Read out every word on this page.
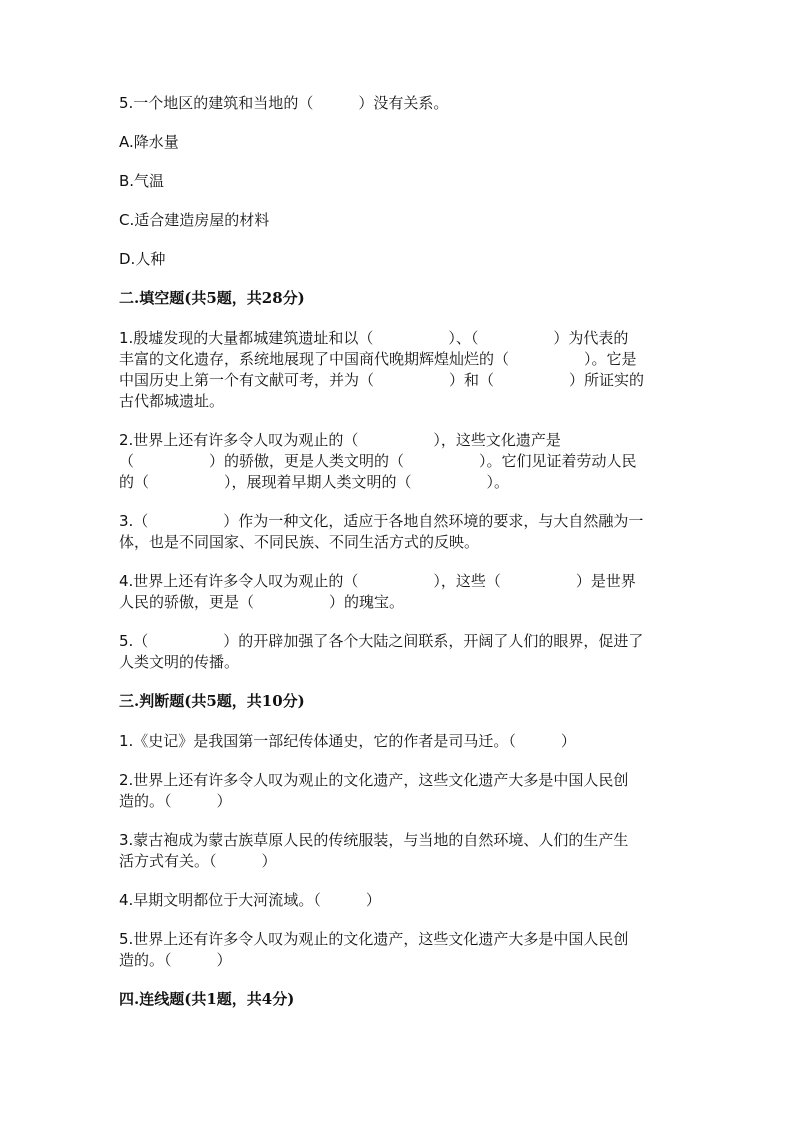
5.一个地区的建筑和当地的（　　　）没有关系。
A.降水量
B.气温
C.适合建造房屋的材料
D.人种
二.填空题(共5题，共28分)
1.殷墟发现的大量都城建筑遗址和以（　　　　　）、（　　　　　）为代表的
丰富的文化遗存，系统地展现了中国商代晚期辉煌灿烂的（　　　　　）。它是
中国历史上第一个有文献可考，并为（　　　　　）和（　　　　　）所证实的
古代都城遗址。
2.世界上还有许多令人叹为观止的（　　　　　），这些文化遗产是
（　　　　　）的骄傲，更是人类文明的（　　　　　）。它们见证着劳动人民
的（　　　　　），展现着早期人类文明的（　　　　　）。
3.（　　　　　）作为一种文化，适应于各地自然环境的要求，与大自然融为一
体，也是不同国家、不同民族、不同生活方式的反映。
4.世界上还有许多令人叹为观止的（　　　　　），这些（　　　　　）是世界
人民的骄傲，更是（　　　　　）的瑰宝。
5.（　　　　　）的开辟加强了各个大陆之间联系，开阔了人们的眼界，促进了
人类文明的传播。
三.判断题(共5题，共10分)
1.《史记》是我国第一部纪传体通史，它的作者是司马迁。（　　　）
2.世界上还有许多令人叹为观止的文化遗产，这些文化遗产大多是中国人民创
造的。（　　　）
3.蒙古袍成为蒙古族草原人民的传统服装，与当地的自然环境、人们的生产生
活方式有关。（　　　）
4.早期文明都位于大河流域。（　　　）
5.世界上还有许多令人叹为观止的文化遗产，这些文化遗产大多是中国人民创
造的。（　　　）
四.连线题(共1题，共4分)
